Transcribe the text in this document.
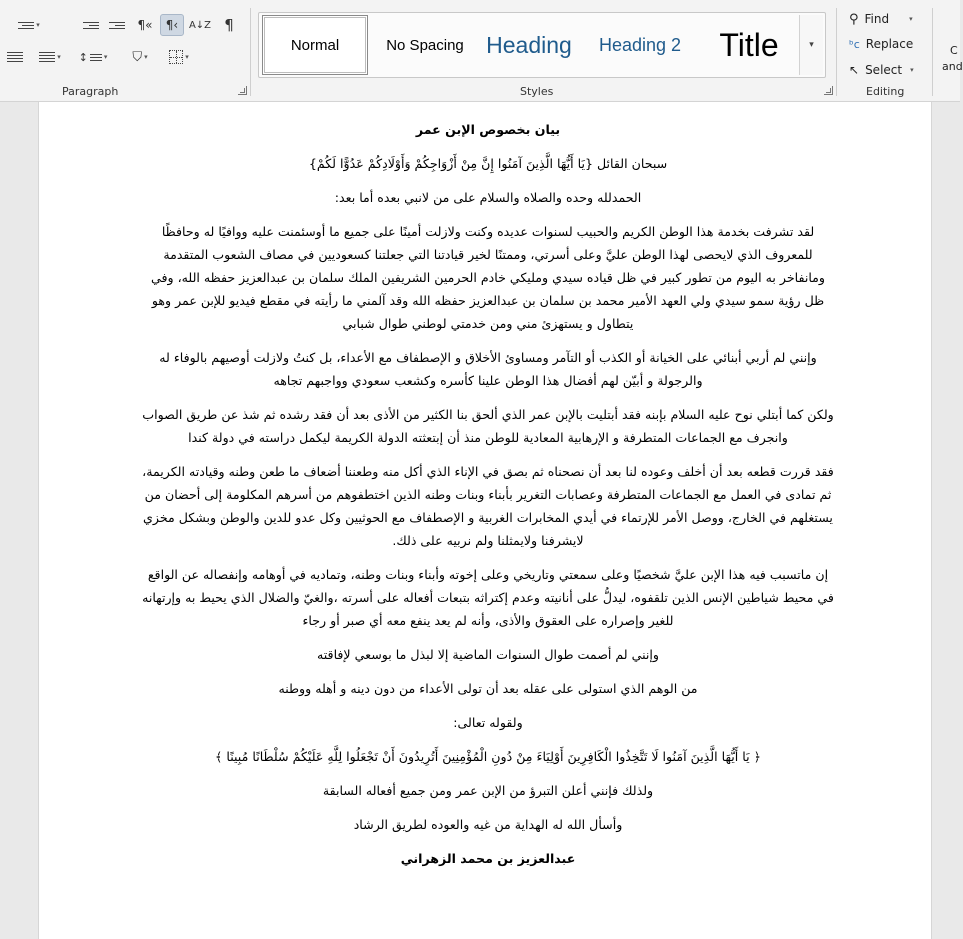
▾	¶« ¶‹ A↓Z ¶
▾ ↕ ▾ ⛉ ▾	▾
Paragraph
Normal	No Spacing Heading Heading 2 Title	▾
Styles
⚲ Find	▾
ᵇc Replace
↖ Select ▾
Editing
C
and

بيان بخصوص الإبن عمر

سبحان القائل {يَا أَيُّهَا الَّذِينَ آمَنُوا إِنَّ مِنْ أَزْوَاجِكُمْ وَأَوْلَادِكُمْ عَدُوًّا لَكُمْ}

الحمدلله وحده والصلاه والسلام على من لانبي بعده أما بعد:

لقد تشرفت بخدمة هذا الوطن الكريم والحبيب لسنوات عديده وكنت ولازلت أمينًا على جميع ما أوسئمنت عليه ووافيًا له وحافظًا للمعروف الذي لايحصى لهذا الوطن عليَّ وعلى أسرتي، وممتنًا لخير قيادتنا التي جعلتنا كسعوديين في مصاف الشعوب المتقدمة ومانفاخر به اليوم من تطور كبير في ظل قياده سيدي ومليكي خادم الحرمين الشريفين الملك سلمان بن عبدالعزيز حفظه الله، وفي ظل رؤية سمو سيدي ولي العهد الأمير محمد بن سلمان بن عبدالعزيز حفظه الله وقد آلمني ما رأيته في مقطع فيديو للإبن عمر وهو يتطاول و يستهزئ مني ومن خدمتي لوطني طوال شبابي

وإنني لم أربي أبنائي على الخيانة أو الكذب أو التآمر ومساوئ الأخلاق و الإصطفاف مع الأعداء، بل كنتُ ولازلت أوصيهم بالوفاء له والرجولة و أبيّن لهم أفضال هذا الوطن علينا كأسره وكشعب سعودي وواجبهم تجاهه

ولكن كما أبتلي نوح عليه السلام بإبنه فقد أبتليت بالإبن عمر الذي ألحق بنا الكثير من الأذى بعد أن فقد رشده ثم شذ عن طريق الصواب وانجرف مع الجماعات المتطرفة و الإرهابية المعادية للوطن منذ أن إبتعثته الدولة الكريمة ليكمل دراسته في دولة كندا

فقد قررت قطعه بعد أن أخلف وعوده لنا بعد أن نصحناه ثم بصق في الإناء الذي أكل منه وطعننا أضعاف ما طعن وطنه وقيادته الكريمة، ثم تمادى في العمل مع الجماعات المتطرفة وعصابات التغرير بأبناء وبنات وطنه الذين اختطفوهم من أسرهم المكلومة إلى أحضان من يستغلهم في الخارج، ووصل الأمر للإرتماء في أيدي المخابرات الغربية و الإصطفاف مع الحوثيين وكل عدو للدين والوطن وبشكل مخزي لايشرفنا ولايمثلنا ولم نربيه على ذلك.

إن ماتسبب فيه هذا الإبن عليَّ شخصيًا وعلى سمعتي وتاريخي وعلى إخوته وأبناء وبنات وطنه، وتماديه في أوهامه وإنفصاله عن الواقع في محيط شياطين الإنس الذين تلقفوه، ليدلُّ على أنانيته وعدم إكتراثه بتبعات أفعاله على أسرته ،والغيّ والضلال الذي يحيط به وإرتهانه للغير وإصراره على العقوق والأذى، وأنه لم يعد ينفع معه أي صبر أو رجاء

وإنني لم أصمت طوال السنوات الماضية إلا لبذل ما بوسعي لإفاقته

من الوهم الذي استولى على عقله بعد أن تولى الأعداء من دون دينه و أهله ووطنه

ولقوله تعالى:

﴿ يَا أَيُّهَا الَّذِينَ آمَنُوا لَا تَتَّخِذُوا الْكَافِرِينَ أَوْلِيَاءَ مِنْ دُونِ الْمُؤْمِنِينَ أَتُرِيدُونَ أَنْ تَجْعَلُوا لِلَّهِ عَلَيْكُمْ سُلْطَانًا مُبِينًا ﴾

ولذلك فإنني أعلن التبرؤ من الإبن عمر ومن جميع أفعاله السابقة

وأسأل الله له الهداية من غيه والعوده لطريق الرشاد

عبدالعزيز بن محمد الزهراني
